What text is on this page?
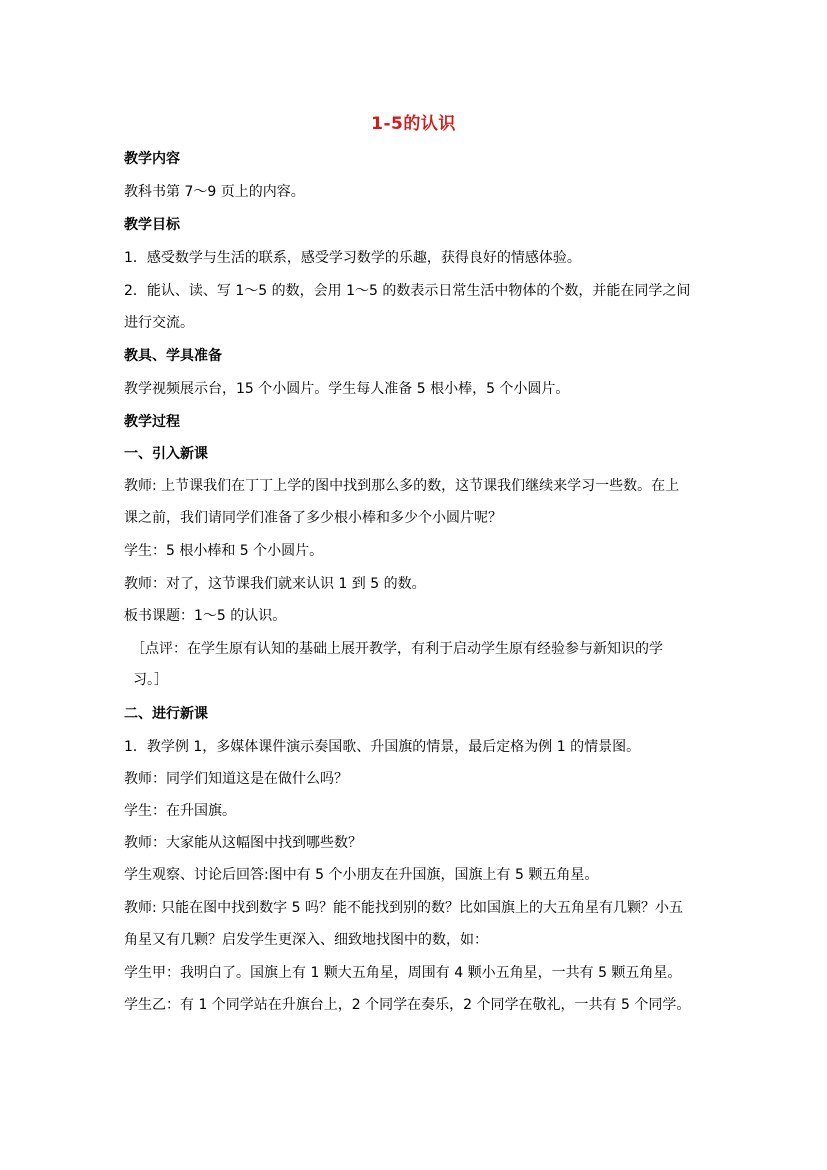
1-5的认识
教学内容
教科书第 7～9 页上的内容。
教学目标
1．感受数学与生活的联系，感受学习数学的乐趣，获得良好的情感体验。
2．能认、读、写 1～5 的数，会用 1～5 的数表示日常生活中物体的个数，并能在同学之间
进行交流。
教具、学具准备
教学视频展示台，15 个小圆片。学生每人准备 5 根小棒，5 个小圆片。
教学过程
一、引入新课
教师: 上节课我们在丁丁上学的图中找到那么多的数，这节课我们继续来学习一些数。在上
课之前，我们请同学们准备了多少根小棒和多少个小圆片呢？
学生：5 根小棒和 5 个小圆片。
教师：对了，这节课我们就来认识 1 到 5 的数。
板书课题：1～5 的认识。
［点评：在学生原有认知的基础上展开教学，有利于启动学生原有经验参与新知识的学
习。］
二、进行新课
1．教学例 1，多媒体课件演示奏国歌、升国旗的情景，最后定格为例 1 的情景图。
教师：同学们知道这是在做什么吗？
学生：在升国旗。
教师：大家能从这幅图中找到哪些数？
学生观察、讨论后回答:图中有 5 个小朋友在升国旗，国旗上有 5 颗五角星。
教师: 只能在图中找到数字 5 吗？能不能找到别的数？比如国旗上的大五角星有几颗？小五
角星又有几颗？启发学生更深入、细致地找图中的数，如：
学生甲：我明白了。国旗上有 1 颗大五角星，周围有 4 颗小五角星，一共有 5 颗五角星。
学生乙：有 1 个同学站在升旗台上，2 个同学在奏乐，2 个同学在敬礼，一共有 5 个同学。
